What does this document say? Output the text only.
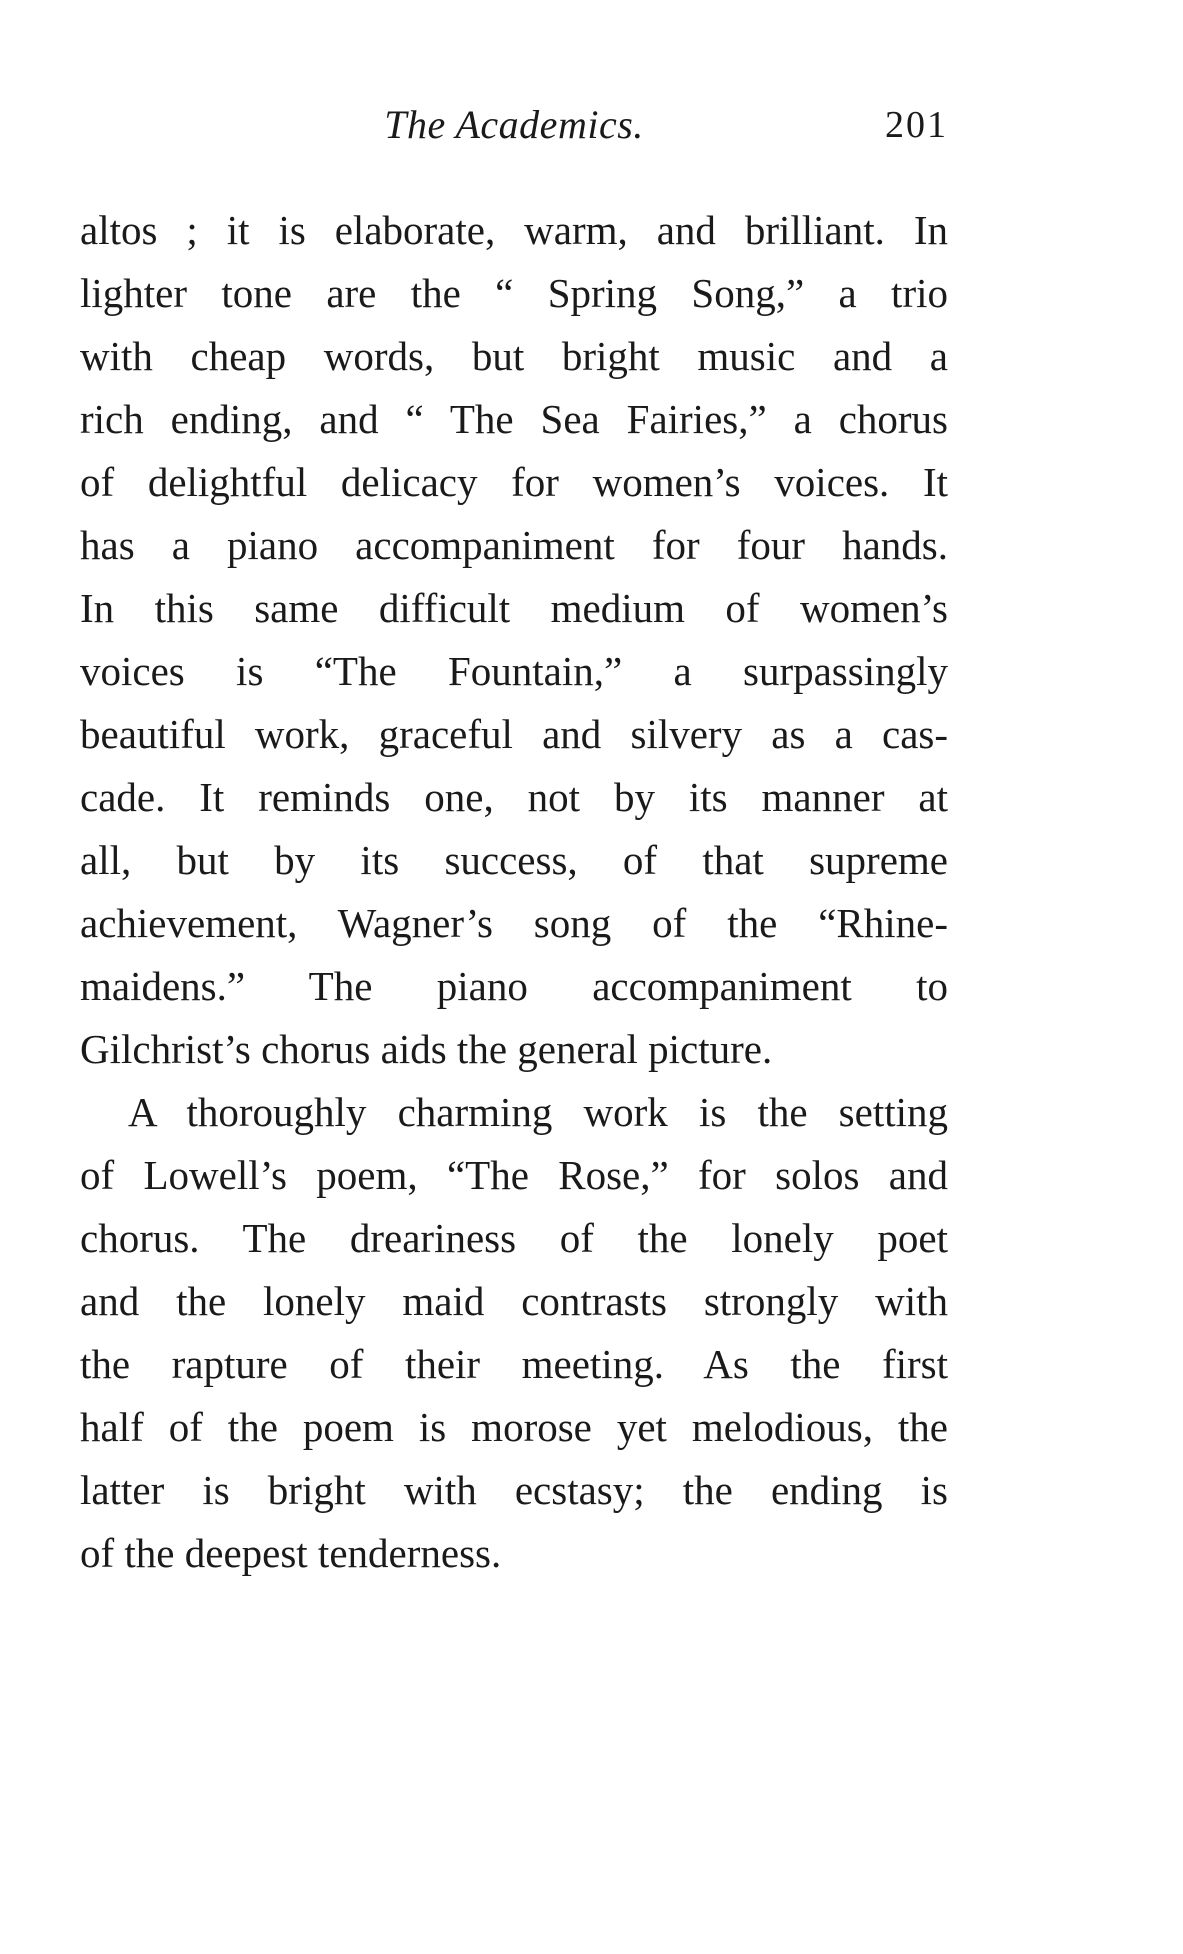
The Academics.	201
altos ; it is elaborate, warm, and brilliant. In
lighter tone are the “ Spring Song,” a trio
with cheap words, but bright music and a
rich ending, and “ The Sea Fairies,” a chorus
of delightful delicacy for women’s voices. It
has a piano accompaniment for four hands.
In this same difficult medium of women’s
voices is “The Fountain,” a surpassingly
beautiful work, graceful and silvery as a cas-
cade. It reminds one, not by its manner at
all, but by its success, of that supreme
achievement, Wagner’s song of the “Rhine-
maidens.” The piano accompaniment to
Gilchrist’s chorus aids the general picture.
A thoroughly charming work is the setting
of Lowell’s poem, “The Rose,” for solos and
chorus. The dreariness of the lonely poet
and the lonely maid contrasts strongly with
the rapture of their meeting. As the first
half of the poem is morose yet melodious, the
latter is bright with ecstasy; the ending is
of the deepest tenderness.
